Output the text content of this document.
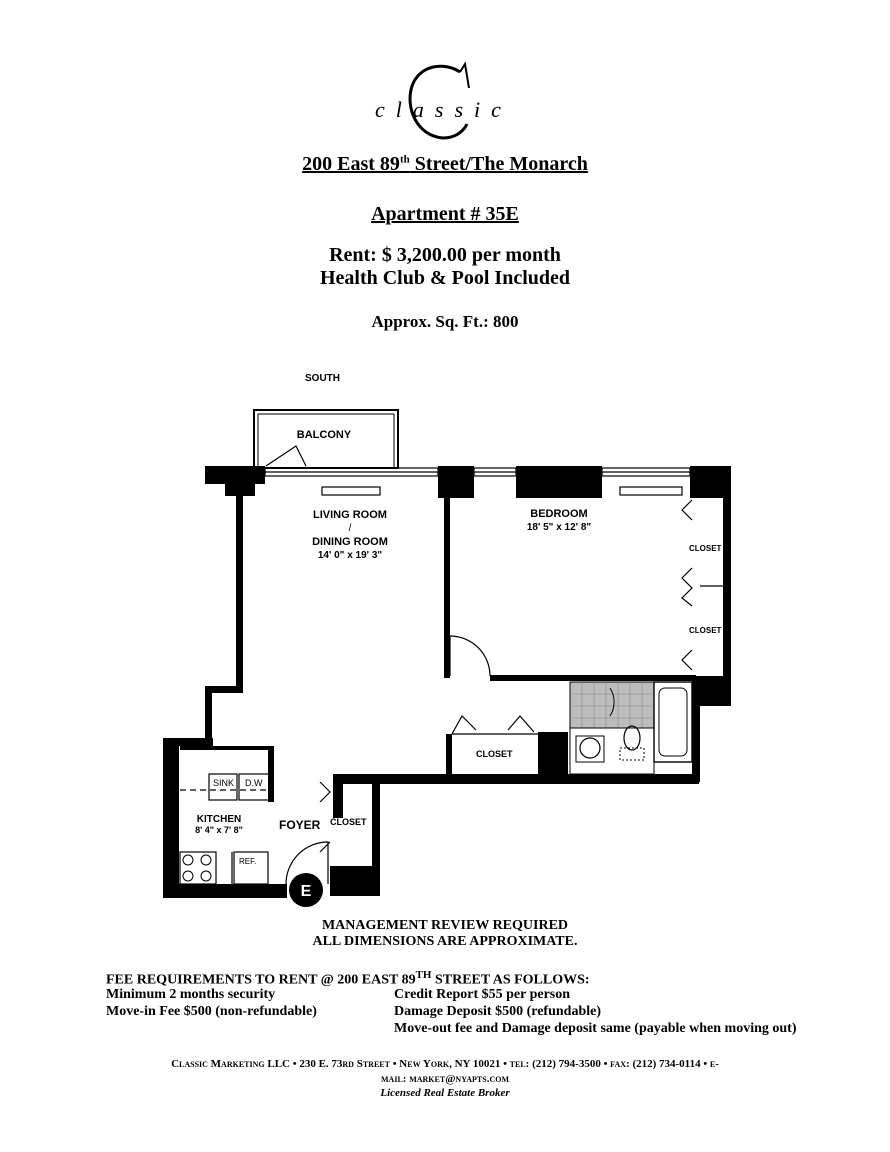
classic
200 East 89th Street/The Monarch
Apartment # 35E
Rent: $ 3,200.00 per month
Health Club & Pool Included
Approx. Sq. Ft.: 800
SOUTH
BALCONY
LIVING ROOM
/
DINING ROOM
14' 0" x 19' 3"
BEDROOM
18' 5" x 12' 8"
CLOSET
CLOSET
CLOSET
CLOSET
KITCHEN
8' 4" x 7' 8"
SINK D.W
REF.
FOYER
E
MANAGEMENT REVIEW REQUIRED
ALL DIMENSIONS ARE APPROXIMATE.
FEE REQUIREMENTS TO RENT @ 200 EAST 89TH STREET AS FOLLOWS:
Minimum 2 months security
Move-in Fee $500 (non-refundable)
Credit Report $55 per person
Damage Deposit $500 (refundable)
Move-out fee and Damage deposit same (payable when moving out)
Classic Marketing LLC • 230 E. 73rd Street • New York, NY 10021 • tel: (212) 794-3500 • fax: (212) 734-0114 • e-
mail: market@nyapts.com
Licensed Real Estate Broker
